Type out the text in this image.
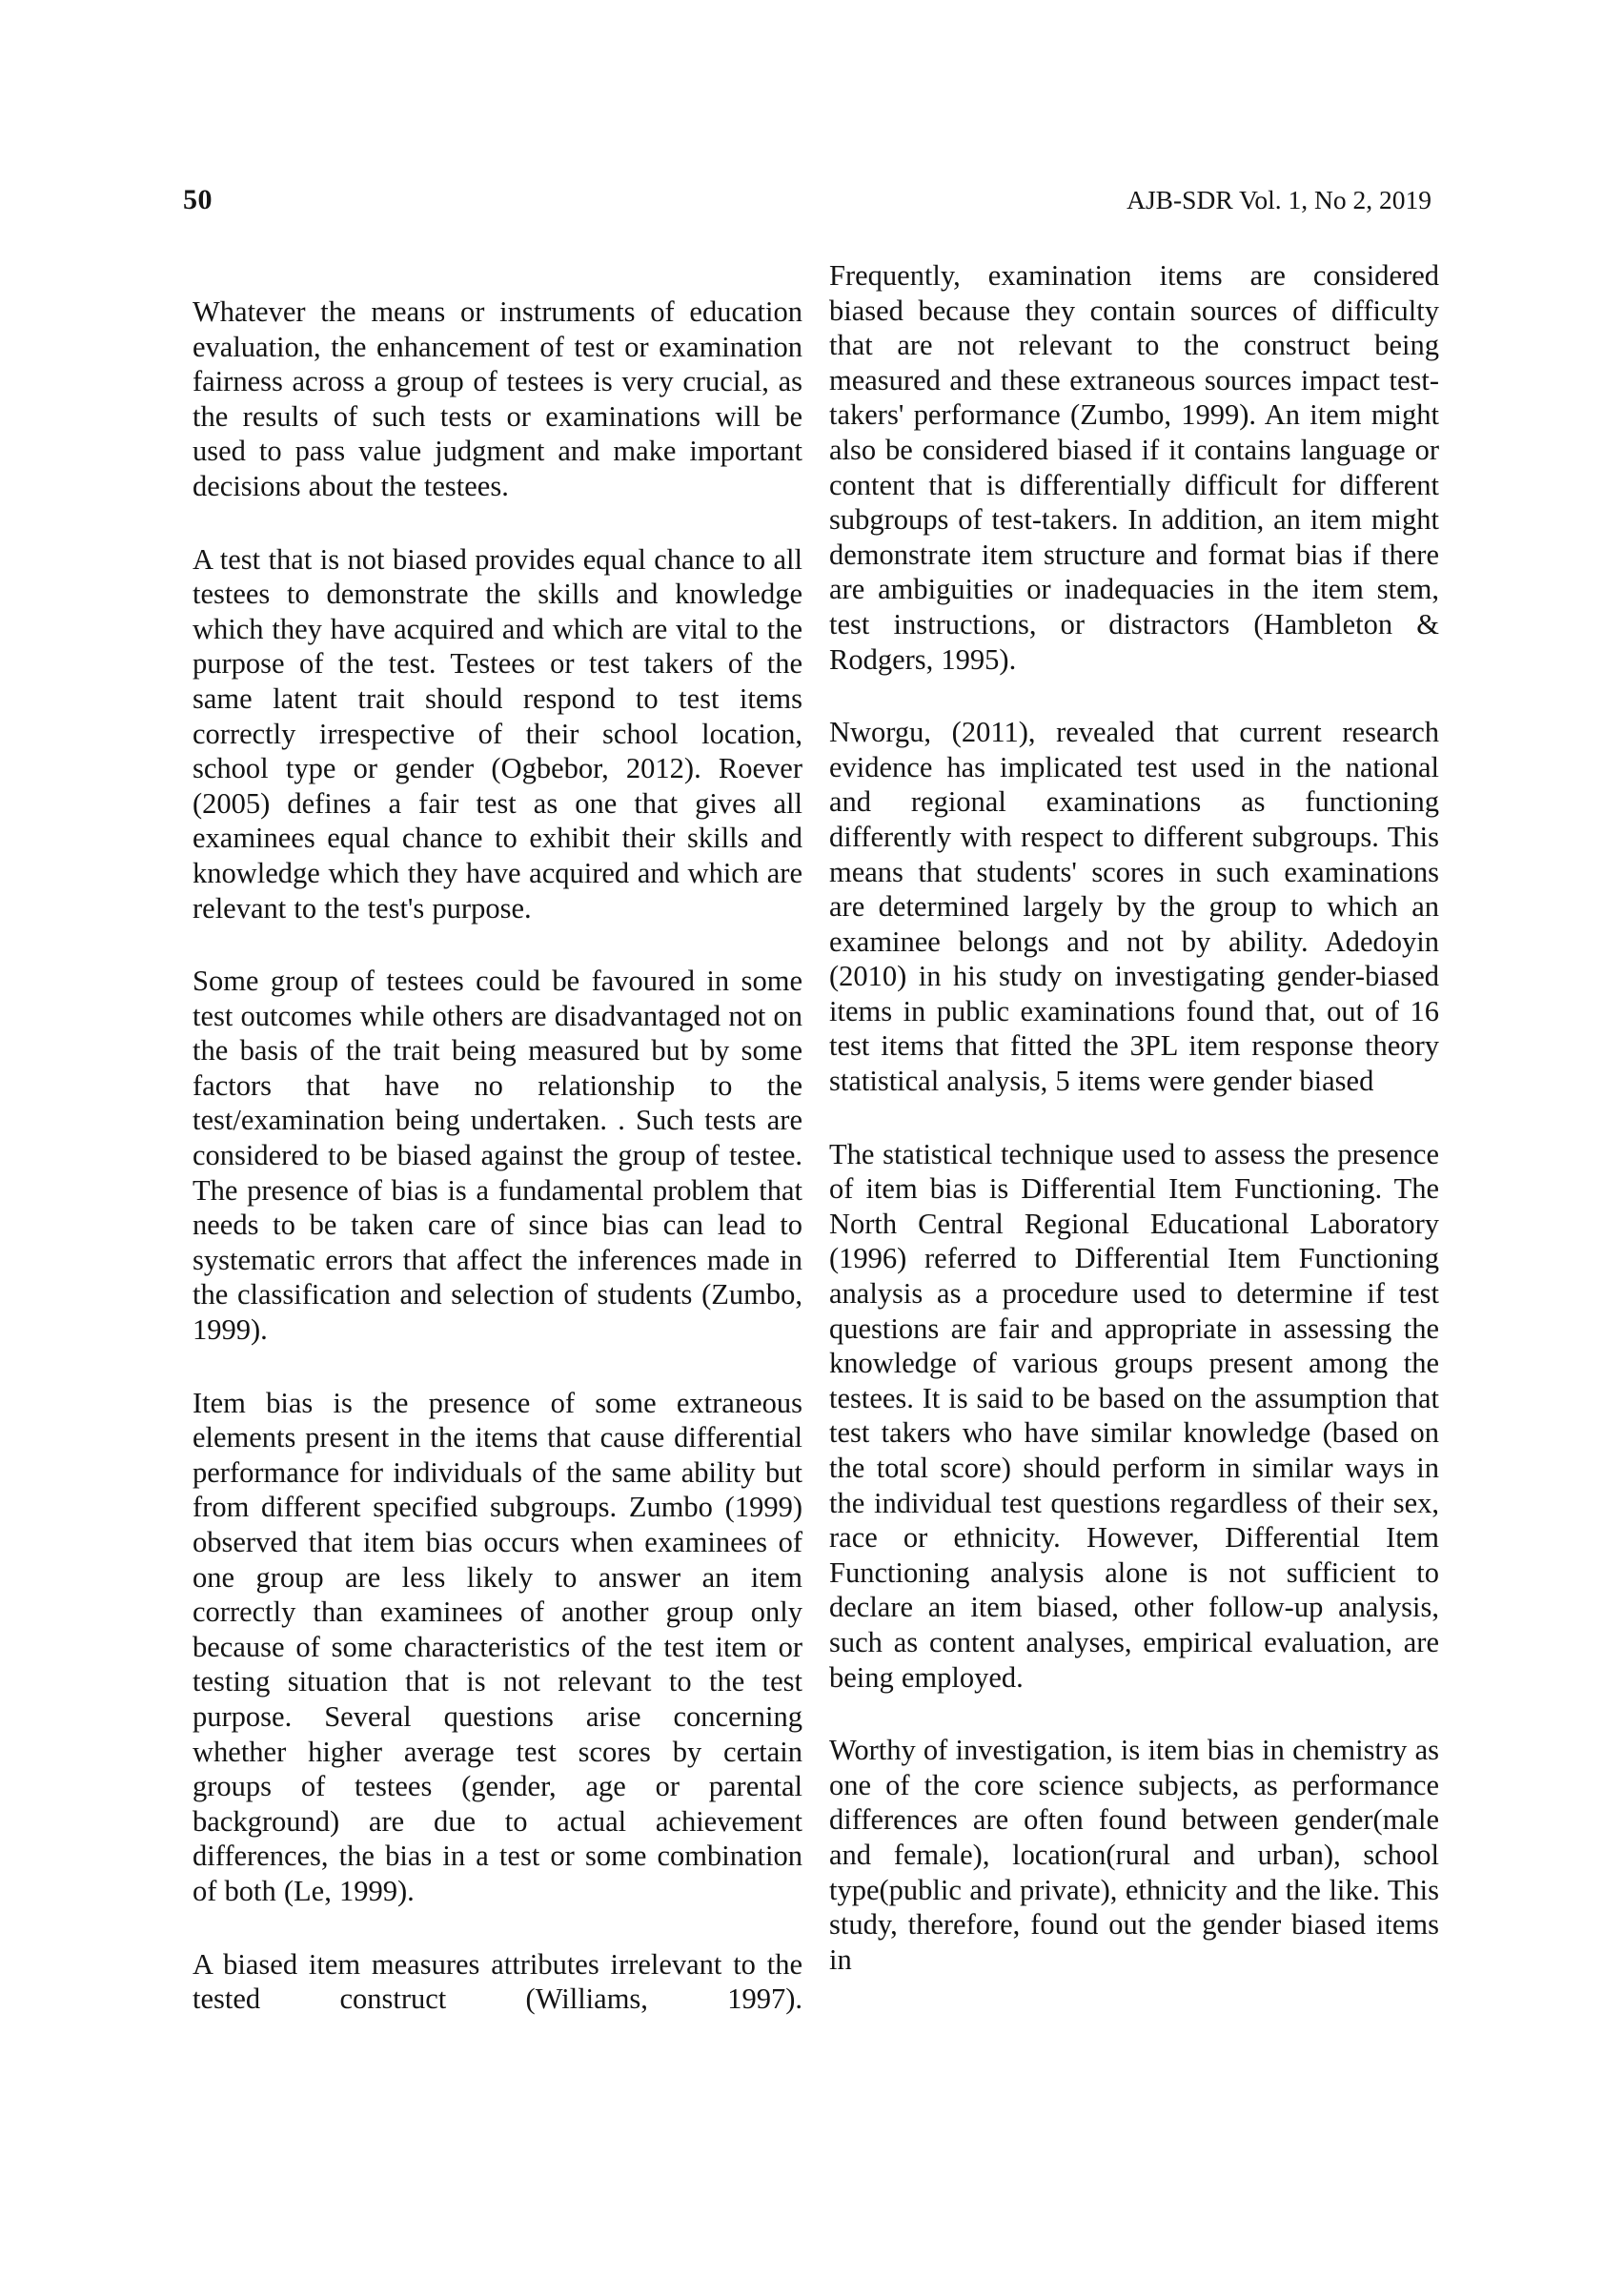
50	AJB-SDR Vol. 1, No 2, 2019

Whatever the means or instruments of education evaluation, the enhancement of test or examination fairness across a group of testees is very crucial, as the results of such tests or examinations will be used to pass value judgment and make important decisions about the testees.

A test that is not biased provides equal chance to all testees to demonstrate the skills and knowledge which they have acquired and which are vital to the purpose of the test. Testees or test takers of the same latent trait should respond to test items correctly irrespective of their school location, school type or gender (Ogbebor, 2012). Roever (2005) defines a fair test as one that gives all examinees equal chance to exhibit their skills and knowledge which they have acquired and which are relevant to the test's purpose.

Some group of testees could be favoured in some test outcomes while others are disadvantaged not on the basis of the trait being measured but by some factors that have no relationship to the test/examination being undertaken. . Such tests are considered to be biased against the group of testee. The presence of bias is a fundamental problem that needs to be taken care of since bias can lead to systematic errors that affect the inferences made in the classification and selection of students (Zumbo, 1999).

Item bias is the presence of some extraneous elements present in the items that cause differential performance for individuals of the same ability but from different specified subgroups. Zumbo (1999) observed that item bias occurs when examinees of one group are less likely to answer an item correctly than examinees of another group only because of some characteristics of the test item or testing situation that is not relevant to the test purpose. Several questions arise concerning whether higher average test scores by certain groups of testees (gender, age or parental background) are due to actual achievement differences, the bias in a test or some combination of both (Le, 1999).

A biased item measures attributes irrelevant to the tested construct (Williams, 1997).

Frequently, examination items are considered biased because they contain sources of difficulty that are not relevant to the construct being measured and these extraneous sources impact test-takers' performance (Zumbo, 1999). An item might also be considered biased if it contains language or content that is differentially difficult for different subgroups of test-takers. In addition, an item might demonstrate item structure and format bias if there are ambiguities or inadequacies in the item stem, test instructions, or distractors (Hambleton & Rodgers, 1995).

Nworgu, (2011), revealed that current research evidence has implicated test used in the national and regional examinations as functioning differently with respect to different subgroups. This means that students' scores in such examinations are determined largely by the group to which an examinee belongs and not by ability. Adedoyin (2010) in his study on investigating gender-biased items in public examinations found that, out of 16 test items that fitted the 3PL item response theory statistical analysis, 5 items were gender biased

The statistical technique used to assess the presence of item bias is Differential Item Functioning. The North Central Regional Educational Laboratory (1996) referred to Differential Item Functioning analysis as a procedure used to determine if test questions are fair and appropriate in assessing the knowledge of various groups present among the testees. It is said to be based on the assumption that test takers who have similar knowledge (based on the total score) should perform in similar ways in the individual test questions regardless of their sex, race or ethnicity. However, Differential Item Functioning analysis alone is not sufficient to declare an item biased, other follow-up analysis, such as content analyses, empirical evaluation, are being employed.

Worthy of investigation, is item bias in chemistry as one of the core science subjects, as performance differences are often found between gender(male and female), location(rural and urban), school type(public and private), ethnicity and the like. This study, therefore, found out the gender biased items in
